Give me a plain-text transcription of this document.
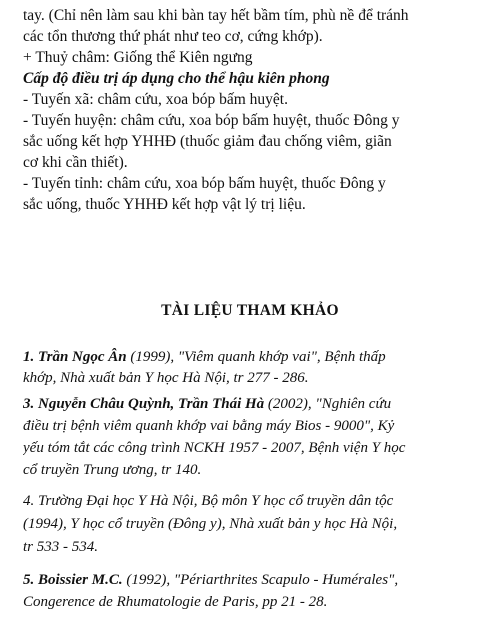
tay. (Chỉ nên làm sau khi bàn tay hết bầm tím, phù nề để tránh
các tổn thương thứ phát như teo cơ, cứng khớp).
+ Thuỷ châm: Giống thể Kiên ngưng
Cấp độ điều trị áp dụng cho thể hậu kiên phong
- Tuyến xã: châm cứu, xoa bóp bấm huyệt.
- Tuyến huyện: châm cứu, xoa bóp bấm huyệt, thuốc Đông y
sắc uống kết hợp YHHĐ (thuốc giảm đau chống viêm, giãn
cơ khi cần thiết).
- Tuyến tỉnh: châm cứu, xoa bóp bấm huyệt, thuốc Đông y
sắc uống, thuốc YHHĐ kết hợp vật lý trị liệu.
TÀI LIỆU THAM KHẢO
1. Trần Ngọc Ân (1999), "Viêm quanh khớp vai", Bệnh thấp
khớp, Nhà xuất bản Y học Hà Nội, tr 277 - 286.
3. Nguyễn Châu Quỳnh, Trần Thái Hà (2002), "Nghiên cứu
điều trị bệnh viêm quanh khớp vai bằng máy Bios - 9000", Kỷ
yếu tóm tắt các công trình NCKH 1957 - 2007, Bệnh viện Y học
cổ truyền Trung ương, tr 140.
4. Trường Đại học Y Hà Nội, Bộ môn Y học cổ truyền dân tộc
(1994), Y học cổ truyền (Đông y), Nhà xuất bản y học Hà Nội,
tr 533 - 534.
5. Boissier M.C. (1992), "Périarthrites Scapulo - Humérales",
Congerence de Rhumatologie de Paris, pp 21 - 28.
